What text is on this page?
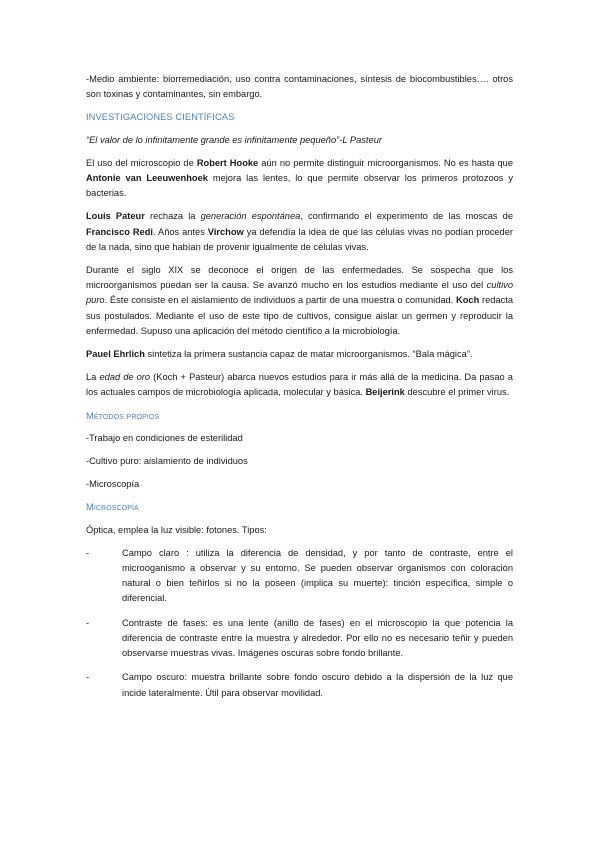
-Medio ambiente: biorremediación, uso contra contaminaciones, síntesis de biocombustibles…. otros son toxinas y contaminantes, sin embargo.

INVESTIGACIONES CIENTÍFICAS

“El valor de lo infinitamente grande es infinitamente pequeño”-L Pasteur

El uso del microscopio de Robert Hooke aún no permite distinguir microorganismos. No es hasta que Antonie van Leeuwenhoek mejora las lentes, lo que permite observar los primeros protozoos y bacterias.

Louis Pateur rechaza la generación espontánea, confirmando el experimento de las moscas de Francisco Redi. Años antes Virchow ya defendía la idea de que las células vivas no podían proceder de la nada, sino que habían de provenir igualmente de células vivas.

Durante el siglo XIX se deconoce el origen de las enfermedades. Se sospecha que los microorganismos puedan ser la causa. Se avanzó mucho en los estudios mediante el uso del cultivo puro. Éste consiste en el aislamiento de individuos a partir de una muestra o comunidad. Koch redacta sus postulados. Mediante el uso de este tipo de cultivos, consigue aislar un germen y reproducir la enfermedad. Supuso una aplicación del método científico a la microbiología.

Pauel Ehrlich sintetiza la primera sustancia capaz de matar microorganismos. “Bala mágica”.

La edad de oro (Koch + Pasteur) abarca nuevos estudios para ir más allá de la medicina. Da pasao a los actuales campos de microbiología aplicada, molecular y básica. Beijerink descubre el primer virus.

Métodos propios
-Trabajo en condiciones de esterilidad
-Cultivo puro: aislamiento de individuos
-Microscopía
Microscopía

Óptica, emplea la luz visible: fotones. Tipos:

-	Campo claro : utiliza la diferencia de densidad, y por tanto de contraste, entre el microoganismo a observar y su entorno. Se pueden observar organismos con coloración natural o bien teñirlos si no la poseen (implica su muerte): tinción específica, simple o diferencial.
-	Contraste de fases: es una lente (anillo de fases) en el microscopio la que potencia la diferencia de contraste entre la muestra y alrededor. Por ello no es necesario teñir y pueden observarse muestras vivas. Imágenes oscuras sobre fondo brillante.
-	Campo oscuro: muestra brillante sobre fondo oscuro debido a la dispersión de la luz que incide lateralmente. Útil para observar movilidad.
